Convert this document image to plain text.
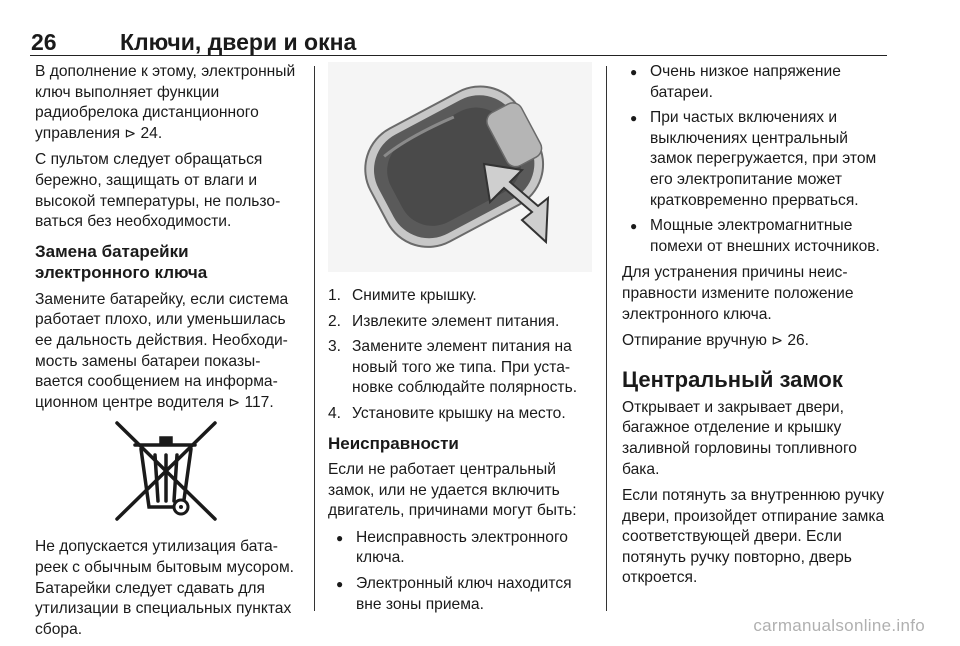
26	Ключи, двери и окна

В дополнение к этому, электронный ключ выполняет функции радиобрелока дистанционного управления ⊳ 24.

С пультом следует обращаться бережно, защищать от влаги и высокой температуры, не пользоваться без необходимости.

Замена батарейки электронного ключа

Замените батарейку, если система работает плохо, или уменьшилась ее дальность действия. Необходимость замены батареи показывается сообщением на информационном центре водителя ⊳ 117.

Не допускается утилизация батареек с обычным бытовым мусором. Батарейки следует сдавать для утилизации в специальных пунктах сбора.

1. Снимите крышку.
2. Извлеките элемент питания.
3. Замените элемент питания на новый того же типа. При установке соблюдайте полярность.
4. Установите крышку на место.
Неисправности

Если не работает центральный замок, или не удается включить двигатель, причинами могут быть:

● Неисправность электронного ключа.
● Электронный ключ находится вне зоны приема.
● Очень низкое напряжение батареи.
● При частых включениях и выключениях центральный замок перегружается, при этом его электропитание может кратковременно прерваться.
● Мощные электромагнитные помехи от внешних источников.

Для устранения причины неисправности измените положение электронного ключа.

Отпирание вручную ⊳ 26.

Центральный замок

Открывает и закрывает двери, багажное отделение и крышку заливной горловины топливного бака.

Если потянуть за внутреннюю ручку двери, произойдет отпирание замка соответствующей двери. Если потянуть ручку повторно, дверь откроется.

carmanualsonline.info
